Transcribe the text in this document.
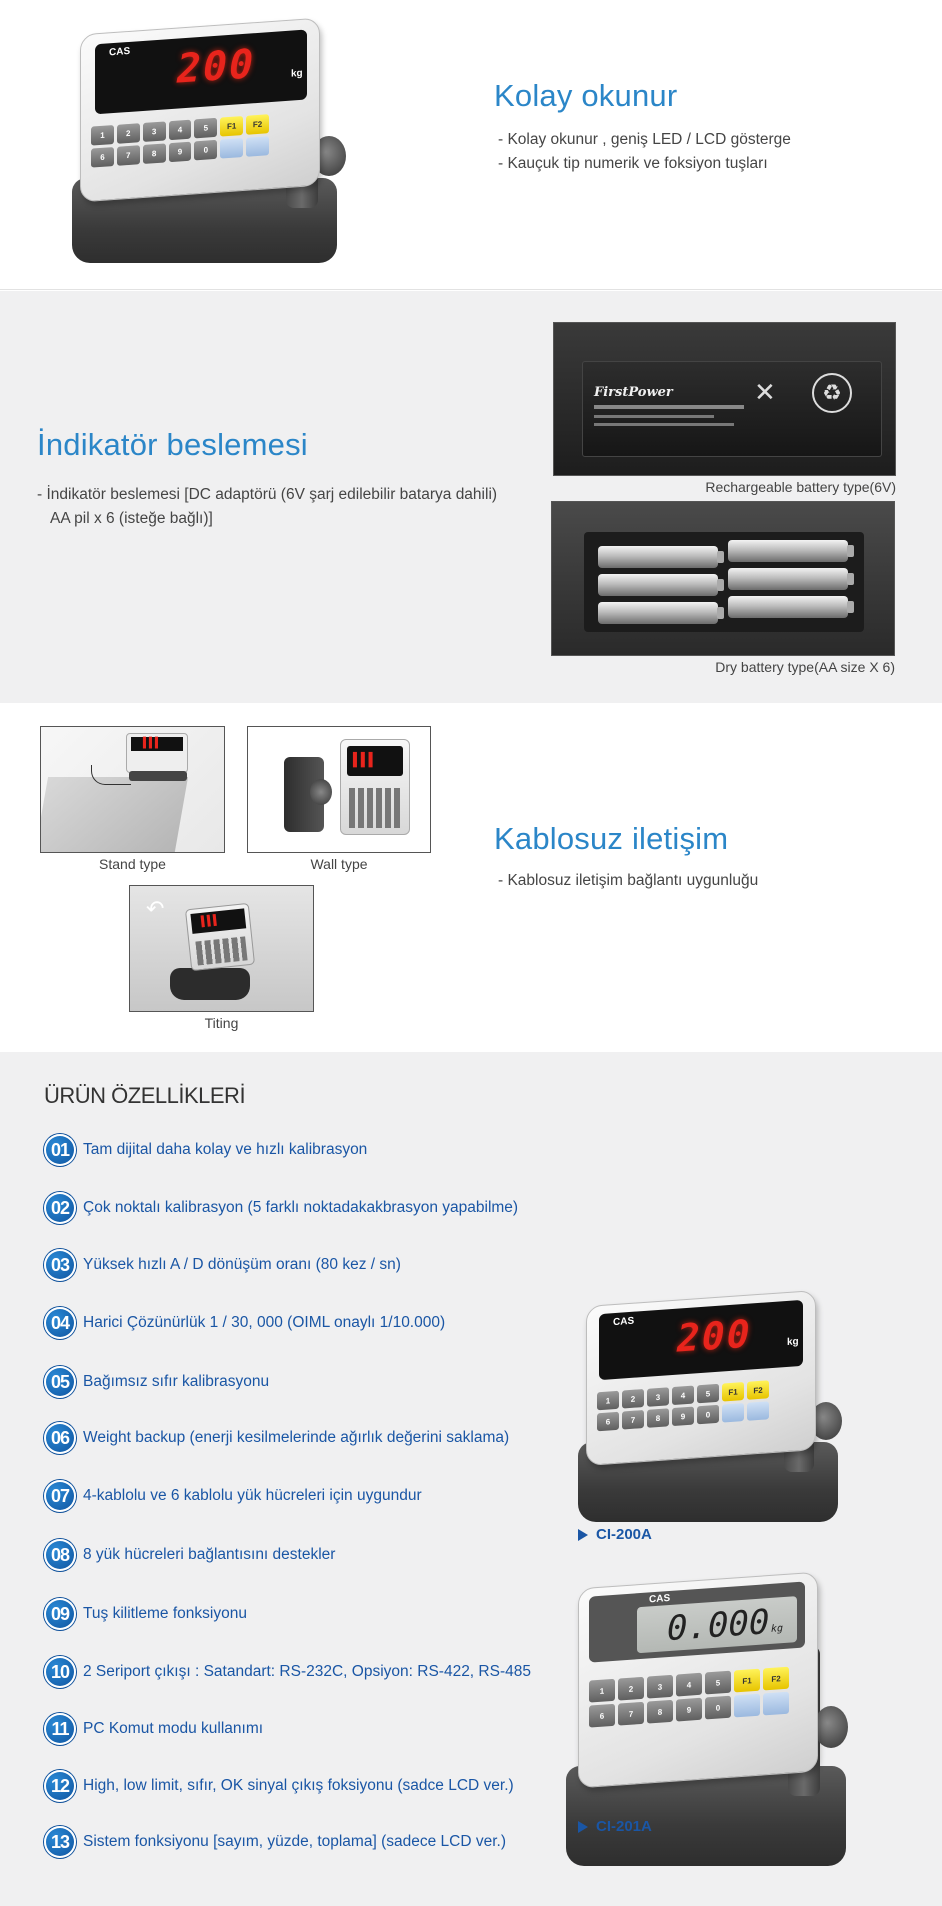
CAS 200	kg
1	2	3	4	5	F1	F2
6	7	8	9	0
Kolay okunur
- Kolay okunur , geniş LED / LCD gösterge
- Kauçuk tip numerik ve foksiyon tuşları
İndikatör beslemesi
- İndikatör beslemesi [DC adaptörü (6V şarj edilebilir batarya dahili)
AA pil x 6 (isteğe bağlı)]
FirstPower	♻
✕
Rechargeable battery type(6V)
Dry battery type(AA size X 6)
▌▌▌
Stand type
▌▌▌
Wall type
↶
▌▌▌
Titing
Kablosuz iletişim
- Kablosuz iletişim bağlantı uygunluğu
ÜRÜN ÖZELLİKLERİ
01 Tam dijital daha kolay ve hızlı kalibrasyon
02 Çok noktalı kalibrasyon (5 farklı noktadakakbrasyon yapabilme)
03 Yüksek hızlı A / D dönüşüm oranı (80 kez / sn)
04 Harici Çözünürlük 1 / 30, 000 (OIML onaylı 1/10.000)
05 Bağımsız sıfır kalibrasyonu
06 Weight backup (enerji kesilmelerinde ağırlık değerini saklama)
07 4-kablolu ve 6 kablolu yük hücreleri için uygundur
08 8 yük hücreleri bağlantısını destekler
09 Tuş kilitleme fonksiyonu
10 2 Seriport çıkışı : Satandart: RS-232C, Opsiyon: RS-422, RS-485
11 PC Komut modu kullanımı
12 High, low limit, sıfır, OK sinyal çıkış foksiyonu (sadce LCD ver.)
13 Sistem fonksiyonu [sayım, yüzde, toplama] (sadece LCD ver.)
CAS 200	kg
1	2	3	4	5	F1	F2
6	7	8	9	0
CI-200A
CAS
0.000 kg
1	2	3	4	5	F1	F2
6	7	8	9	0
CI-201A
